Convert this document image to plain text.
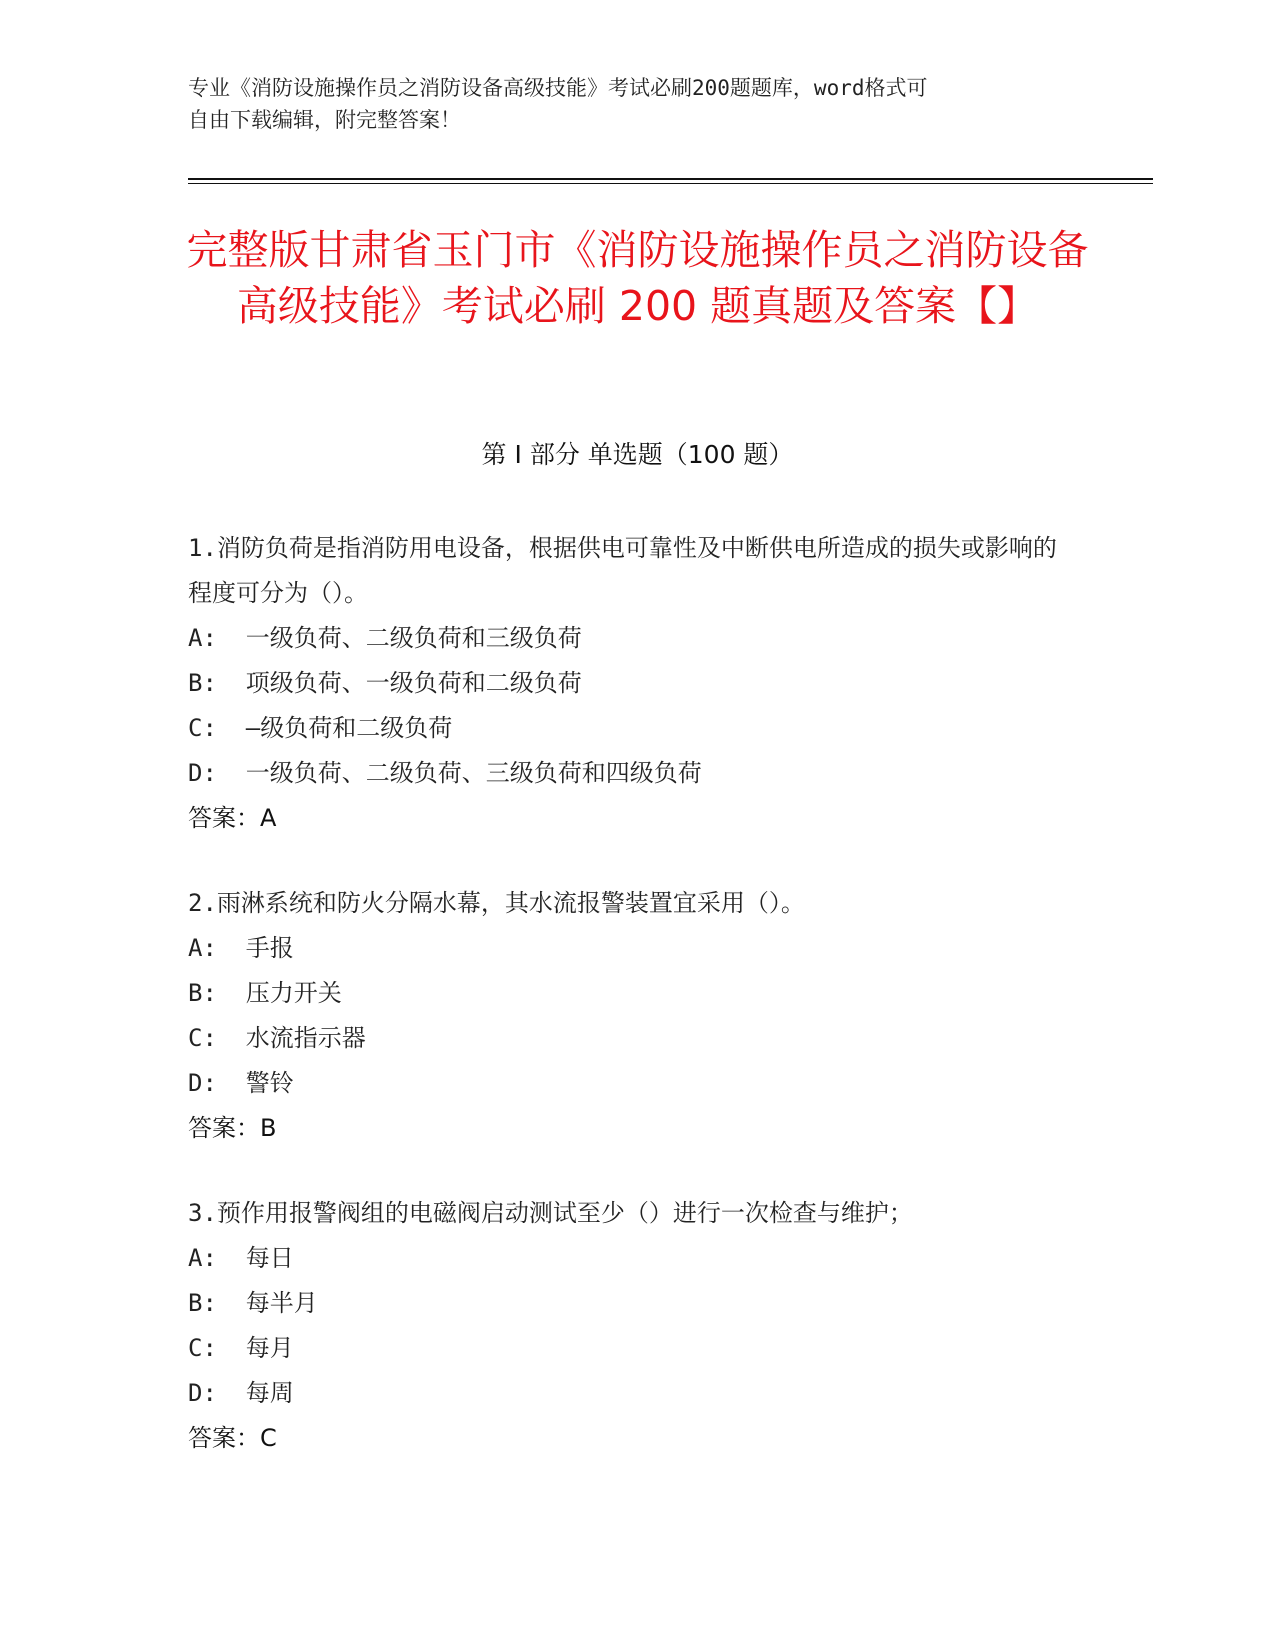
专业《消防设施操作员之消防设备高级技能》考试必刷200题题库，word格式可
自由下载编辑，附完整答案！
完整版甘肃省玉门市《消防设施操作员之消防设备高级技能》考试必刷 200 题真题及答案【】
第 I 部分 单选题（100 题）

1.消防负荷是指消防用电设备，根据供电可靠性及中断供电所造成的损失或影响的程度可分为（）。

A:  一级负荷、二级负荷和三级负荷

B:  项级负荷、一级负荷和二级负荷

C:  —级负荷和二级负荷

D:  一级负荷、二级负荷、三级负荷和四级负荷

答案：A

2.雨淋系统和防火分隔水幕，其水流报警装置宜采用（）。

A:  手报

B:  压力开关

C:  水流指示器

D:  警铃

答案：B

3.预作用报警阀组的电磁阀启动测试至少（）进行一次检查与维护；

A:  每日

B:  每半月

C:  每月

D:  每周

答案：C
